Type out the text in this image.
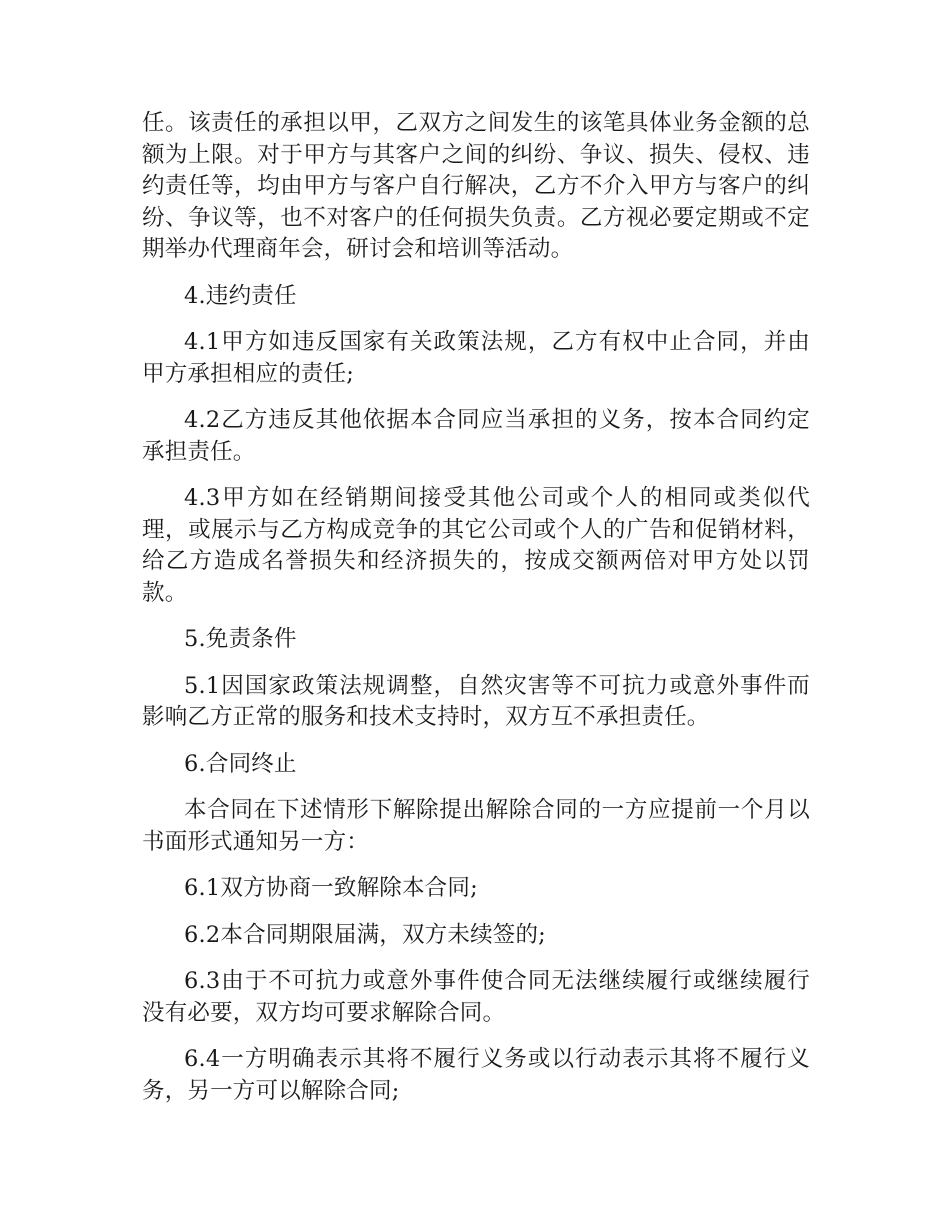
任。该责任的承担以甲，乙双方之间发生的该笔具体业务金额的总额为上限。对于甲方与其客户之间的纠纷、争议、损失、侵权、违约责任等，均由甲方与客户自行解决，乙方不介入甲方与客户的纠纷、争议等，也不对客户的任何损失负责。乙方视必要定期或不定期举办代理商年会，研讨会和培训等活动。

4.违约责任

4.1甲方如违反国家有关政策法规，乙方有权中止合同，并由甲方承担相应的责任;

4.2乙方违反其他依据本合同应当承担的义务，按本合同约定承担责任。

4.3甲方如在经销期间接受其他公司或个人的相同或类似代理，或展示与乙方构成竞争的其它公司或个人的广告和促销材料，给乙方造成名誉损失和经济损失的，按成交额两倍对甲方处以罚款。

5.免责条件

5.1因国家政策法规调整，自然灾害等不可抗力或意外事件而影响乙方正常的服务和技术支持时，双方互不承担责任。

6.合同终止

本合同在下述情形下解除提出解除合同的一方应提前一个月以书面形式通知另一方：

6.1双方协商一致解除本合同;

6.2本合同期限届满，双方未续签的;

6.3由于不可抗力或意外事件使合同无法继续履行或继续履行没有必要，双方均可要求解除合同。

6.4一方明确表示其将不履行义务或以行动表示其将不履行义务，另一方可以解除合同;
